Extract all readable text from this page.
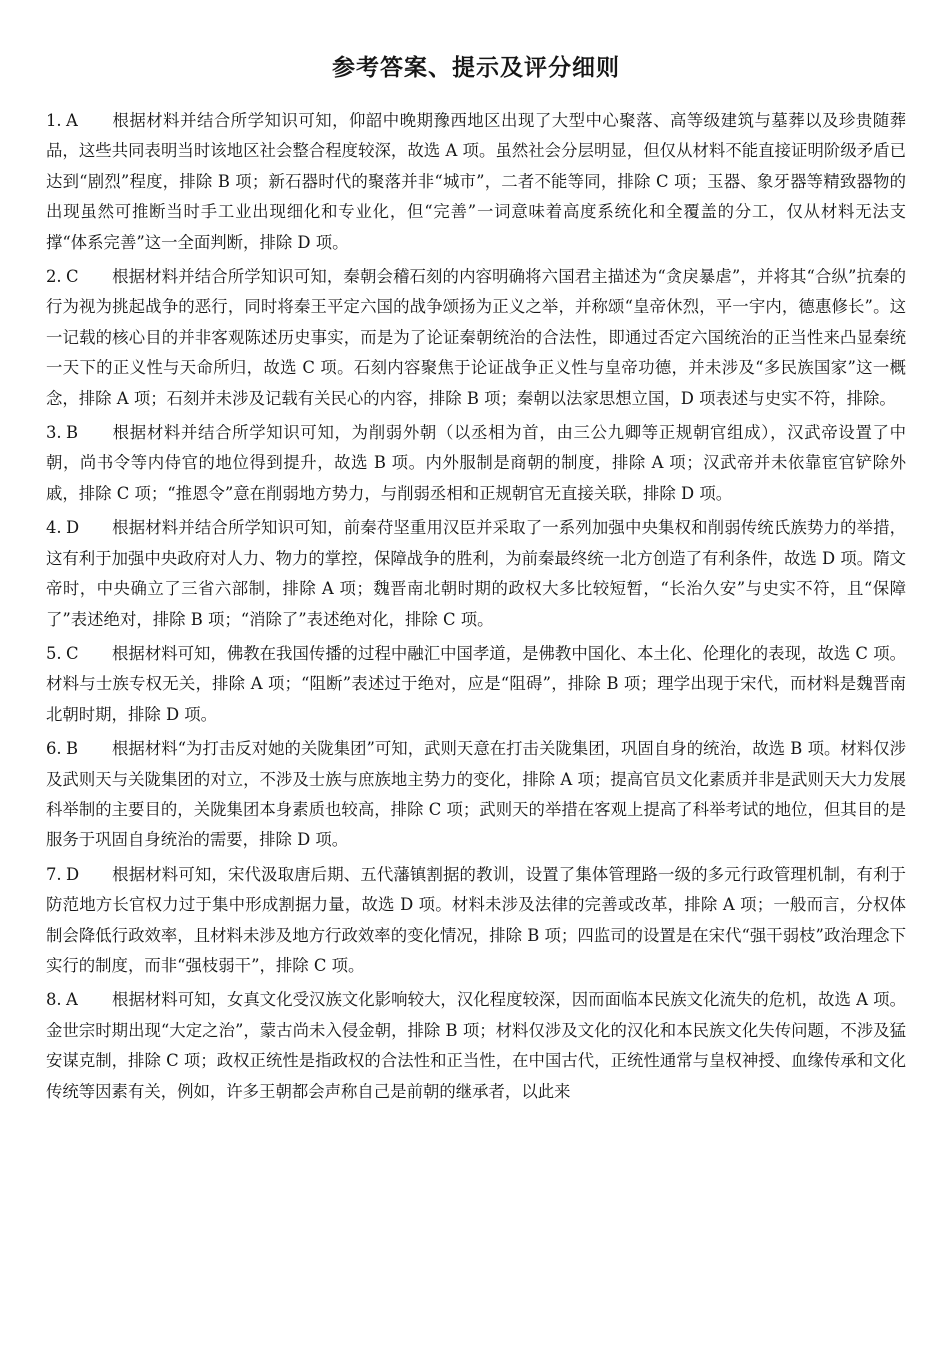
参考答案、提示及评分细则
1. A	根据材料并结合所学知识可知，仰韶中晚期豫西地区出现了大型中心聚落、高等级建筑与墓葬以及珍贵随葬品，这些共同表明当时该地区社会整合程度较深，故选 A 项。虽然社会分层明显，但仅从材料不能直接证明阶级矛盾已达到“剧烈”程度，排除 B 项；新石器时代的聚落并非“城市”，二者不能等同，排除 C 项；玉器、象牙器等精致器物的出现虽然可推断当时手工业出现细化和专业化，但“完善”一词意味着高度系统化和全覆盖的分工，仅从材料无法支撑“体系完善”这一全面判断，排除 D 项。
2. C	根据材料并结合所学知识可知，秦朝会稽石刻的内容明确将六国君主描述为“贪戾暴虐”，并将其“合纵”抗秦的行为视为挑起战争的恶行，同时将秦王平定六国的战争颂扬为正义之举，并称颂“皇帝休烈，平一宇内，德惠修长”。这一记载的核心目的并非客观陈述历史事实，而是为了论证秦朝统治的合法性，即通过否定六国统治的正当性来凸显秦统一天下的正义性与天命所归，故选 C 项。石刻内容聚焦于论证战争正义性与皇帝功德，并未涉及“多民族国家”这一概念，排除 A 项；石刻并未涉及记载有关民心的内容，排除 B 项；秦朝以法家思想立国，D 项表述与史实不符，排除。
3. B	根据材料并结合所学知识可知，为削弱外朝（以丞相为首，由三公九卿等正规朝官组成），汉武帝设置了中朝，尚书令等内侍官的地位得到提升，故选 B 项。内外服制是商朝的制度，排除 A 项；汉武帝并未依靠宦官铲除外戚，排除 C 项；“推恩令”意在削弱地方势力，与削弱丞相和正规朝官无直接关联，排除 D 项。
4. D	根据材料并结合所学知识可知，前秦苻坚重用汉臣并采取了一系列加强中央集权和削弱传统氏族势力的举措，这有利于加强中央政府对人力、物力的掌控，保障战争的胜利，为前秦最终统一北方创造了有利条件，故选 D 项。隋文帝时，中央确立了三省六部制，排除 A 项；魏晋南北朝时期的政权大多比较短暂，“长治久安”与史实不符，且“保障了”表述绝对，排除 B 项；“消除了”表述绝对化，排除 C 项。
5. C	根据材料可知，佛教在我国传播的过程中融汇中国孝道，是佛教中国化、本土化、伦理化的表现，故选 C 项。材料与士族专权无关，排除 A 项；“阻断”表述过于绝对，应是“阻碍”，排除 B 项；理学出现于宋代，而材料是魏晋南北朝时期，排除 D 项。
6. B	根据材料“为打击反对她的关陇集团”可知，武则天意在打击关陇集团，巩固自身的统治，故选 B 项。材料仅涉及武则天与关陇集团的对立，不涉及士族与庶族地主势力的变化，排除 A 项；提高官员文化素质并非是武则天大力发展科举制的主要目的，关陇集团本身素质也较高，排除 C 项；武则天的举措在客观上提高了科举考试的地位，但其目的是服务于巩固自身统治的需要，排除 D 项。
7. D	根据材料可知，宋代汲取唐后期、五代藩镇割据的教训，设置了集体管理路一级的多元行政管理机制，有利于防范地方长官权力过于集中形成割据力量，故选 D 项。材料未涉及法律的完善或改革，排除 A 项；一般而言，分权体制会降低行政效率，且材料未涉及地方行政效率的变化情况，排除 B 项；四监司的设置是在宋代“强干弱枝”政治理念下实行的制度，而非“强枝弱干”，排除 C 项。
8. A	根据材料可知，女真文化受汉族文化影响较大，汉化程度较深，因而面临本民族文化流失的危机，故选 A 项。金世宗时期出现“大定之治”，蒙古尚未入侵金朝，排除 B 项；材料仅涉及文化的汉化和本民族文化失传问题，不涉及猛安谋克制，排除 C 项；政权正统性是指政权的合法性和正当性，在中国古代，正统性通常与皇权神授、血缘传承和文化传统等因素有关，例如，许多王朝都会声称自己是前朝的继承者，以此来
